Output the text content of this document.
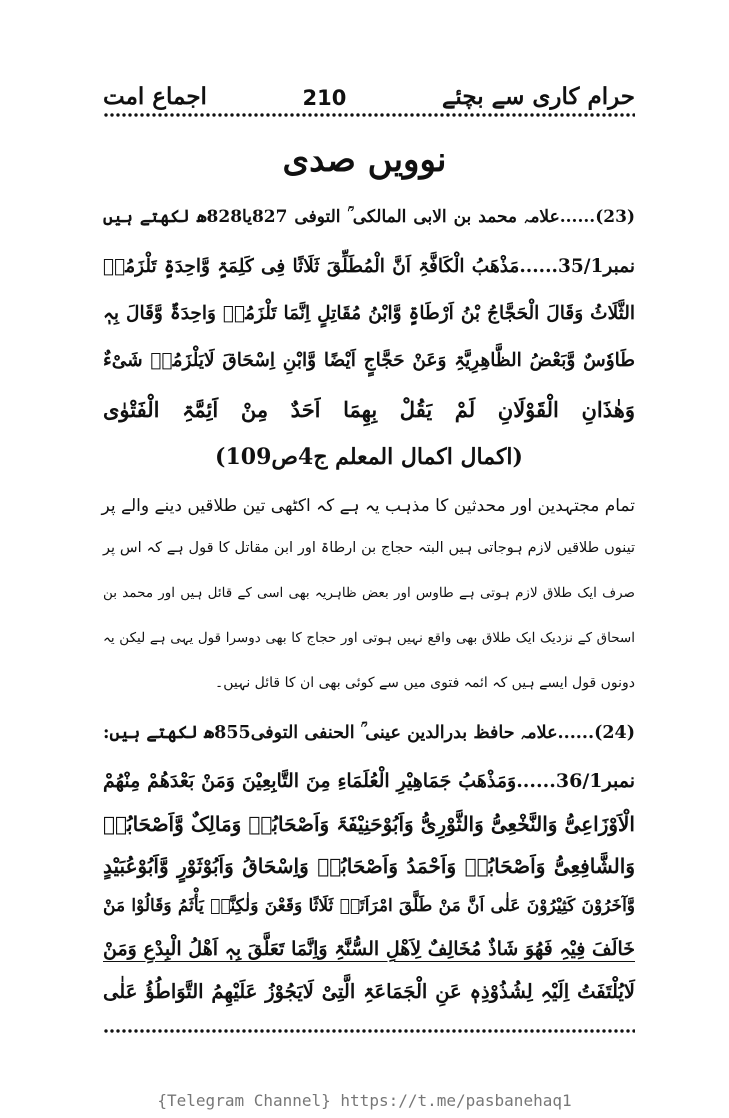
حرام کاری سے بچئے
210
اجماع امت
نوویں صدی
(23)......علامہ محمد بن الابی المالکی ؒ التوفی 827یا828ھ لکھتے ہیں
نمبر35/1......مَذْھَبُ الْکَافَّۃِ اَنَّ الْمُطَلِّقَ ثَلَاثًا فِی کَلِمَۃٍ وَّاحِدَۃٍ تَلْزَمُہٗ
الثَّلَاثُ وَقَالَ الْحَجَّاجُ بْنُ اَرْطَاۃٍ وَّابْنُ مُقَاتِلٍ اِنَّمَا تَلْزَمُہٗ وَاحِدَۃٌ وَّقَالَ بِہٖ
طَاوٗسٌ وَّبَعْضُ الظَّاھِرِیَّۃِ وَعَنْ حَجَّاجٍ اَیْضًا وَّابْنِ اِسْحَاقَ لَایَلْزَمُہٗ شَیْءٌ
وَھٰذَانِ الْقَوْلَانِ لَمْ یَقُلْ بِھِمَا اَحَدٌ مِنْ اَئِمَّۃِ الْفَتْوٰی
(اکمال اکمال المعلم ج4ص109)
تمام مجتہدین اور محدثین کا مذہب یہ ہے کہ اکٹھی تین طلاقیں دینے والے پر
تینوں طلاقیں لازم ہوجاتی ہیں البتہ حجاج بن ارطاۃ اور ابن مقاتل کا قول ہے کہ اس پر
صرف ایک طلاق لازم ہوتی ہے طاوس اور بعض ظاہریہ بھی اسی کے قائل ہیں اور محمد بن
اسحاق کے نزدیک ایک طلاق بھی واقع نہیں ہوتی اور حجاج کا بھی دوسرا قول یہی ہے لیکن یہ
دونوں قول ایسے ہیں کہ ائمہ فتوی میں سے کوئی بھی ان کا قائل نہیں۔
(24)......علامہ حافظ بدرالدین عینی ؒ الحنفی التوفی855ھ لکھتے ہیں:
نمبر36/1......وَمَذْھَبُ جَمَاھِیْرِ الْعُلَمَاءِ مِنَ التَّابِعِیْنَ وَمَنْ بَعْدَھُمْ مِنْھُمْ
الْاَوْزَاعِیُّ وَالنَّخْعِیُّ وَالثَّوْرِیُّ وَاَبُوْحَنِیْفَۃَ وَاَصْحَابُہٗ وَمَالِکٌ وَّاَصْحَابُہٗ
وَالشَّافِعِیُّ وَاَصْحَابُہٗ وَاَحْمَدُ وَاَصْحَابُہٗ وَاِسْحَاقُ وَاَبُوْثَوْرٍ وَّاَبُوْعُبَیْدٍ
وَّآخَرُوْنَ کَثِیْرُوْنَ عَلٰی اَنَّ مَنْ طَلَّقَ امْرَاَتَہٗ ثَلَاثًا وَقَعْنَ وَلٰکِنَّہٗ یَأْثَمُ وَقَالُوْا مَنْ
خَالَفَ فِیْہِ فَھُوَ شَاذٌ مُخَالِفٌ لِاَھْلِ السُّنَّۃِ وَاِنَّمَا تَعَلَّقَ بِہٖ اَھْلُ الْبِدْعِ وَمَنْ
لَایُلْتَفَتُ اِلَیْہِ لِشُذُوْذِہٖ عَنِ الْجَمَاعَۃِ الَّتِیْ لَایَجُوْزُ عَلَیْھِمُ التَّوَاطُؤُ عَلٰی
{Telegram Channel} https://t.me/pasbanehaq1
